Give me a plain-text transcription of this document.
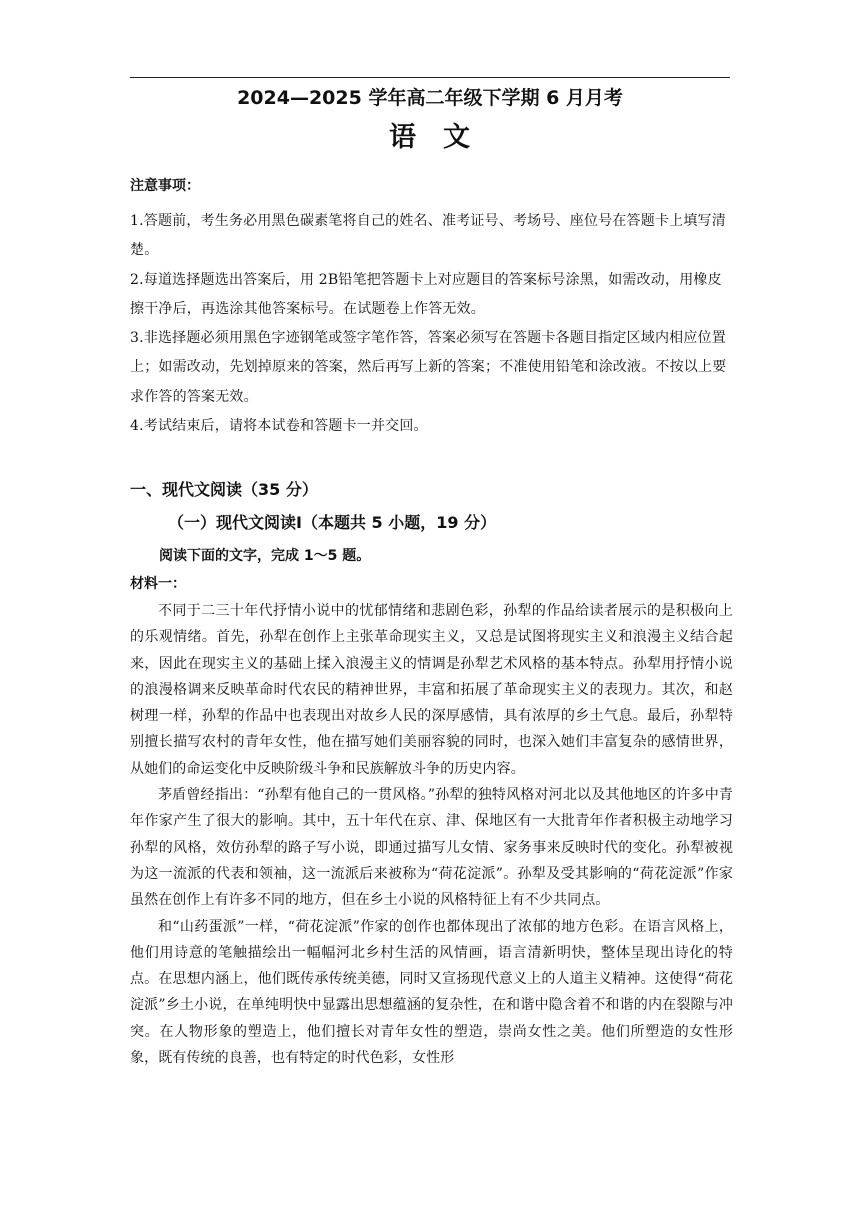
2024—2025 学年高二年级下学期 6 月月考
语 文
注意事项：
1.答题前，考生务必用黑色碳素笔将自己的姓名、准考证号、考场号、座位号在答题卡上填写清楚。
2.每道选择题选出答案后，用 2B铅笔把答题卡上对应题目的答案标号涂黑，如需改动，用橡皮擦干净后，再选涂其他答案标号。在试题卷上作答无效。
3.非选择题必须用黑色字迹钢笔或签字笔作答，答案必须写在答题卡各题目指定区域内相应位置上；如需改动，先划掉原来的答案，然后再写上新的答案；不准使用铅笔和涂改液。不按以上要求作答的答案无效。
4.考试结束后，请将本试卷和答题卡一并交回。
一、现代文阅读（35 分）
（一）现代文阅读Ⅰ（本题共 5 小题，19 分）
阅读下面的文字，完成 1～5 题。
材料一：

不同于二三十年代抒情小说中的忧郁情绪和悲剧色彩，孙犁的作品给读者展示的是积极向上的乐观情绪。首先，孙犁在创作上主张革命现实主义，又总是试图将现实主义和浪漫主义结合起来，因此在现实主义的基础上揉入浪漫主义的情调是孙犁艺术风格的基本特点。孙犁用抒情小说的浪漫格调来反映革命时代农民的精神世界，丰富和拓展了革命现实主义的表现力。其次，和赵树理一样，孙犁的作品中也表现出对故乡人民的深厚感情，具有浓厚的乡土气息。最后，孙犁特别擅长描写农村的青年女性，他在描写她们美丽容貌的同时，也深入她们丰富复杂的感情世界，从她们的命运变化中反映阶级斗争和民族解放斗争的历史内容。

茅盾曾经指出：“孙犁有他自己的一贯风格。”孙犁的独特风格对河北以及其他地区的许多中青年作家产生了很大的影响。其中，五十年代在京、津、保地区有一大批青年作者积极主动地学习孙犁的风格，效仿孙犁的路子写小说，即通过描写儿女情、家务事来反映时代的变化。孙犁被视为这一流派的代表和领袖，这一流派后来被称为“荷花淀派”。孙犁及受其影响的“荷花淀派”作家虽然在创作上有许多不同的地方，但在乡土小说的风格特征上有不少共同点。

和“山药蛋派”一样，“荷花淀派”作家的创作也都体现出了浓郁的地方色彩。在语言风格上，他们用诗意的笔触描绘出一幅幅河北乡村生活的风情画，语言清新明快，整体呈现出诗化的特点。在思想内涵上，他们既传承传统美德，同时又宣扬现代意义上的人道主义精神。这使得“荷花淀派”乡土小说，在单纯明快中显露出思想蕴涵的复杂性，在和谐中隐含着不和谐的内在裂隙与冲突。在人物形象的塑造上，他们擅长对青年女性的塑造，崇尚女性之美。他们所塑造的女性形象，既有传统的良善，也有特定的时代色彩，女性形
